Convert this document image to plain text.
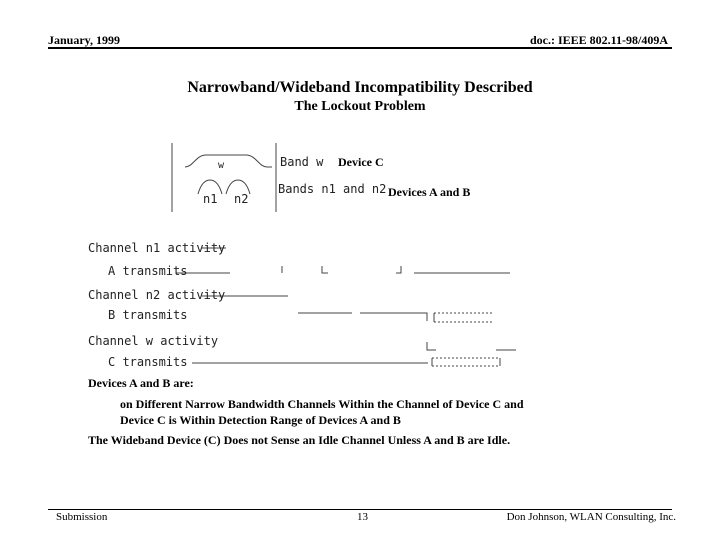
January, 1999	doc.: IEEE 802.11-98/409A
Narrowband/Wideband Incompatibility Described
The Lockout Problem
w
n1 n2
Band w Device C
Bands n1 and n2 Devices A and B
Channel n1 activity
A transmits
Channel n2 activity
B transmits
Channel w activity
C transmits
Devices A and B are:
on Different Narrow Bandwidth Channels Within the Channel of Device C and
Device C is Within Detection Range of Devices A and B
The Wideband Device (C) Does not Sense an Idle Channel Unless A and B are Idle.
Submission	13	Don Johnson, WLAN Consulting, Inc.
